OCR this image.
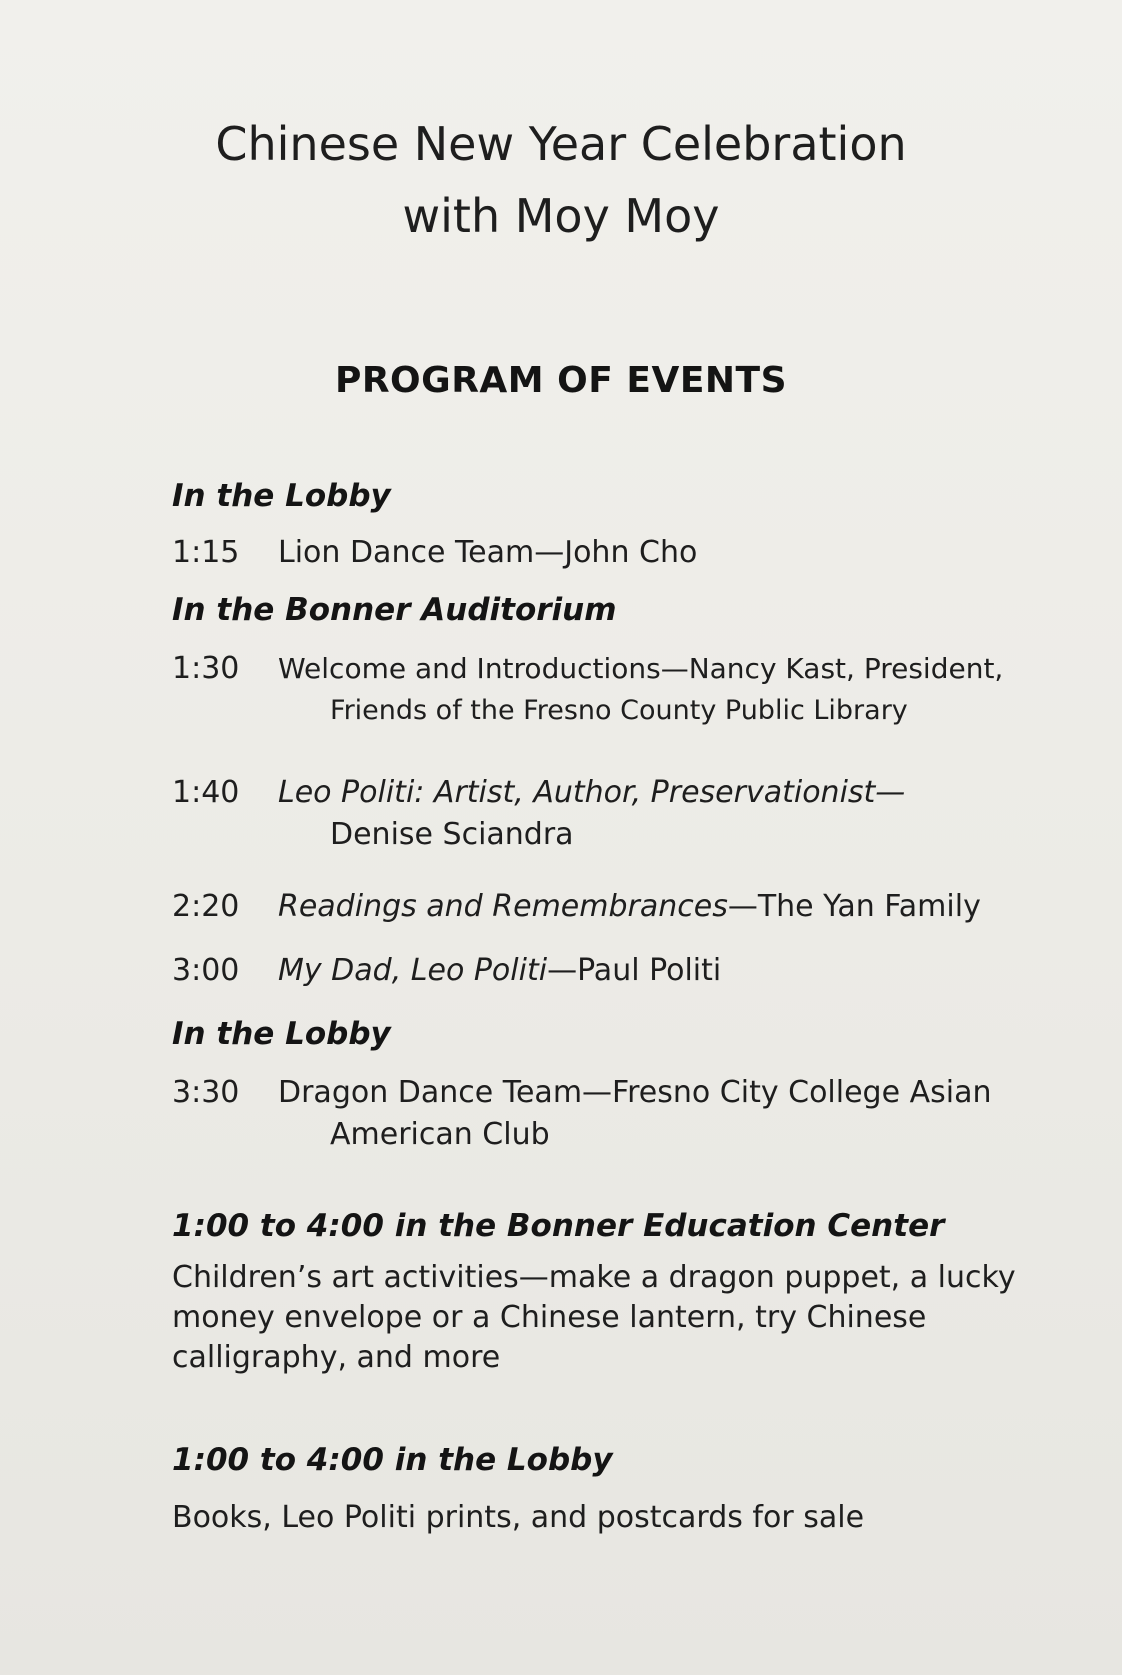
Chinese New Year Celebration
with Moy Moy
PROGRAM OF EVENTS
In the Lobby
1:15 Lion Dance Team—John Cho
In the Bonner Auditorium
1:30 Welcome and Introductions—Nancy Kast, President,
Friends of the Fresno County Public Library
1:40 Leo Politi: Artist, Author, Preservationist—
Denise Sciandra
2:20 Readings and Remembrances—The Yan Family
3:00 My Dad, Leo Politi—Paul Politi
In the Lobby
3:30 Dragon Dance Team—Fresno City College Asian
American Club
1:00 to 4:00 in the Bonner Education Center
Children’s art activities—make a dragon puppet, a lucky
money envelope or a Chinese lantern, try Chinese
calligraphy, and more
1:00 to 4:00 in the Lobby
Books, Leo Politi prints, and postcards for sale
